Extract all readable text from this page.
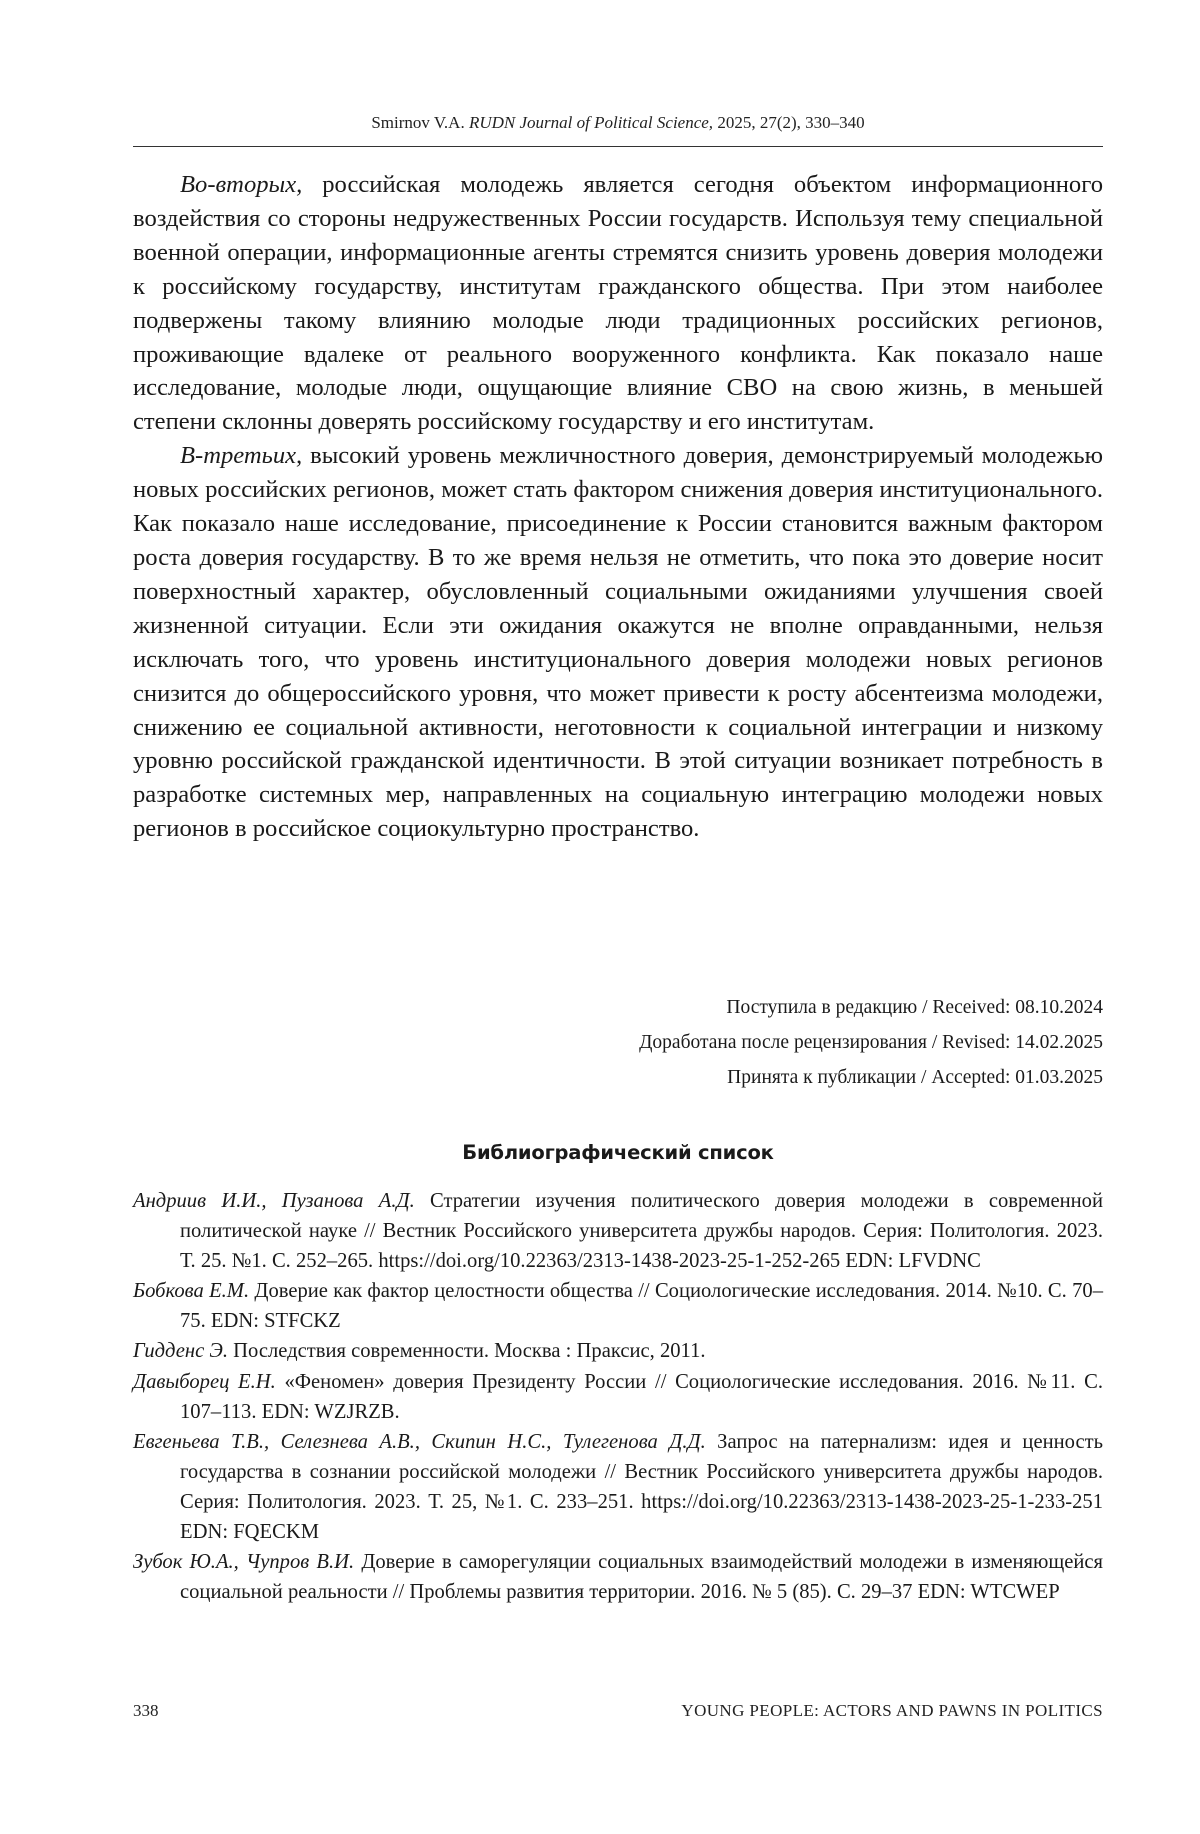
Smirnov V.A. RUDN Journal of Political Science, 2025, 27(2), 330–340

Во-вторых, российская молодежь является сегодня объектом информационного воздействия со стороны недружественных России государств. Используя тему специальной военной операции, информационные агенты стремятся снизить уровень доверия молодежи к российскому государству, институтам гражданского общества. При этом наиболее подвержены такому влиянию молодые люди традиционных российских регионов, проживающие вдалеке от реального вооруженного конфликта. Как показало наше исследование, молодые люди, ощущающие влияние СВО на свою жизнь, в меньшей степени склонны доверять российскому государству и его институтам.

В-третьих, высокий уровень межличностного доверия, демонстрируемый молодежью новых российских регионов, может стать фактором снижения доверия институционального. Как показало наше исследование, присоединение к России становится важным фактором роста доверия государству. В то же время нельзя не отметить, что пока это доверие носит поверхностный характер, обусловленный социальными ожиданиями улучшения своей жизненной ситуации. Если эти ожидания окажутся не вполне оправданными, нельзя исключать того, что уровень институционального доверия молодежи новых регионов снизится до общероссийского уровня, что может привести к росту абсентеизма молодежи, снижению ее социальной активности, неготовности к социальной интеграции и низкому уровню российской гражданской идентичности. В этой ситуации возникает потребность в разработке системных мер, направленных на социальную интеграцию молодежи новых регионов в российское социокультурно пространство.

Поступила в редакцию / Received: 08.10.2024
Доработана после рецензирования / Revised: 14.02.2025
Принята к публикации / Accepted: 01.03.2025
Библиографический список

Андриив И.И., Пузанова А.Д. Стратегии изучения политического доверия молодежи в современной политической науке // Вестник Российского университета дружбы народов. Серия: Политология. 2023. Т. 25. №1. С. 252–265. https://doi.org/10.22363/2313-1438-2023-25-1-252-265 EDN: LFVDNC

Бобкова Е.М. Доверие как фактор целостности общества // Социологические исследования. 2014. №10. С. 70–75. EDN: STFCKZ

Гидденс Э. Последствия современности. Москва : Праксис, 2011.

Давыборец Е.Н. «Феномен» доверия Президенту России // Социологические исследования. 2016. №11. С. 107–113. EDN: WZJRZB.

Евгеньева Т.В., Селезнева А.В., Скипин Н.С., Тулегенова Д.Д. Запрос на патернализм: идея и ценность государства в сознании российской молодежи // Вестник Российского университета дружбы народов. Серия: Политология. 2023. Т. 25, №1. С. 233–251. https://doi.org/10.22363/2313-1438-2023-25-1-233-251 EDN: FQECKM

Зубок Ю.А., Чупров В.И. Доверие в саморегуляции социальных взаимодействий молодежи в изменяющейся социальной реальности // Проблемы развития территории. 2016. № 5 (85). С. 29–37 EDN: WTCWEP

338	YOUNG PEOPLE: ACTORS AND PAWNS IN POLITICS
